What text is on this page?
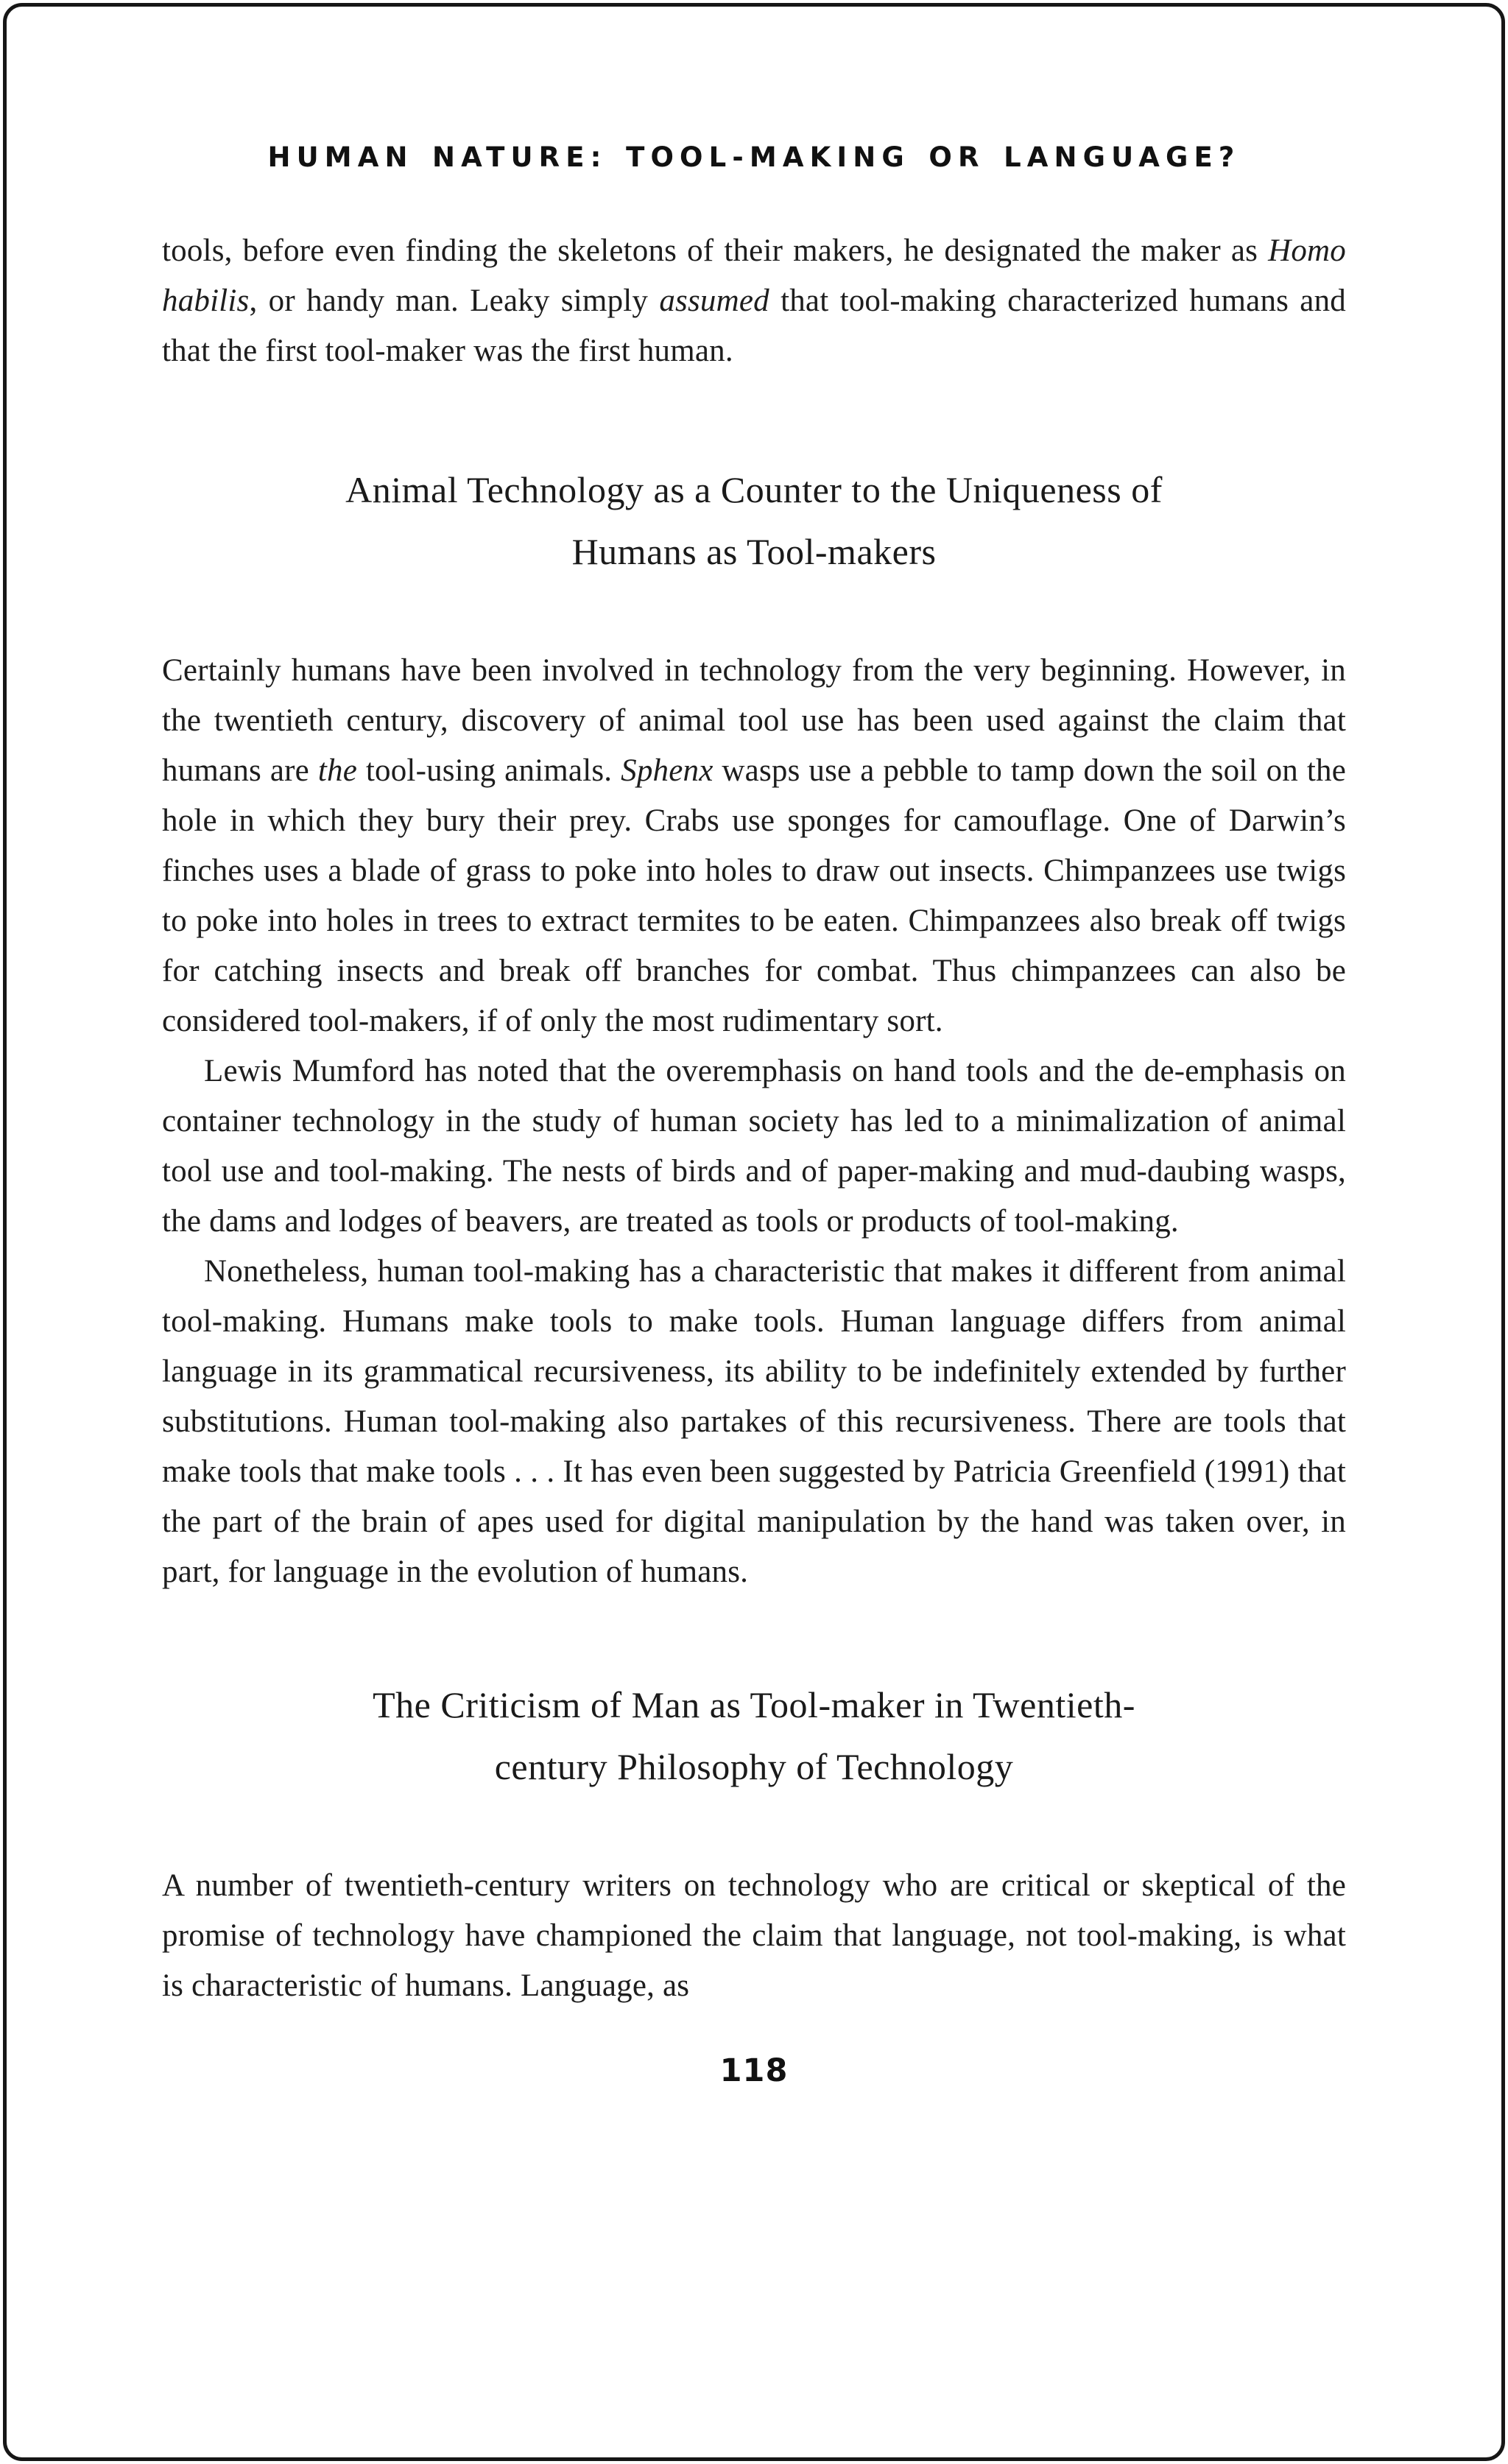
HUMAN NATURE: TOOL-MAKING OR LANGUAGE?

tools, before even finding the skeletons of their makers, he designated the maker as Homo habilis, or handy man. Leaky simply assumed that tool-making characterized humans and that the first tool-maker was the first human.

Animal Technology as a Counter to the Uniqueness of
Humans as Tool-makers

Certainly humans have been involved in technology from the very beginning. However, in the twentieth century, discovery of animal tool use has been used against the claim that humans are the tool-using animals. Sphenx wasps use a pebble to tamp down the soil on the hole in which they bury their prey. Crabs use sponges for camouflage. One of Darwin’s finches uses a blade of grass to poke into holes to draw out insects. Chimpanzees use twigs to poke into holes in trees to extract termites to be eaten. Chimpanzees also break off twigs for catching insects and break off branches for combat. Thus chimpanzees can also be considered tool-makers, if of only the most rudimentary sort.

Lewis Mumford has noted that the overemphasis on hand tools and the de-emphasis on container technology in the study of human society has led to a minimalization of animal tool use and tool-making. The nests of birds and of paper-making and mud-daubing wasps, the dams and lodges of beavers, are treated as tools or products of tool-making.

Nonetheless, human tool-making has a characteristic that makes it different from animal tool-making. Humans make tools to make tools. Human language differs from animal language in its grammatical recursiveness, its ability to be indefinitely extended by further substitutions. Human tool-making also partakes of this recursiveness. There are tools that make tools that make tools . . . It has even been suggested by Patricia Greenfield (1991) that the part of the brain of apes used for digital manipulation by the hand was taken over, in part, for language in the evolution of humans.

The Criticism of Man as Tool-maker in Twentieth-
century Philosophy of Technology

A number of twentieth-century writers on technology who are critical or skeptical of the promise of technology have championed the claim that language, not tool-making, is what is characteristic of humans. Language, as

118
